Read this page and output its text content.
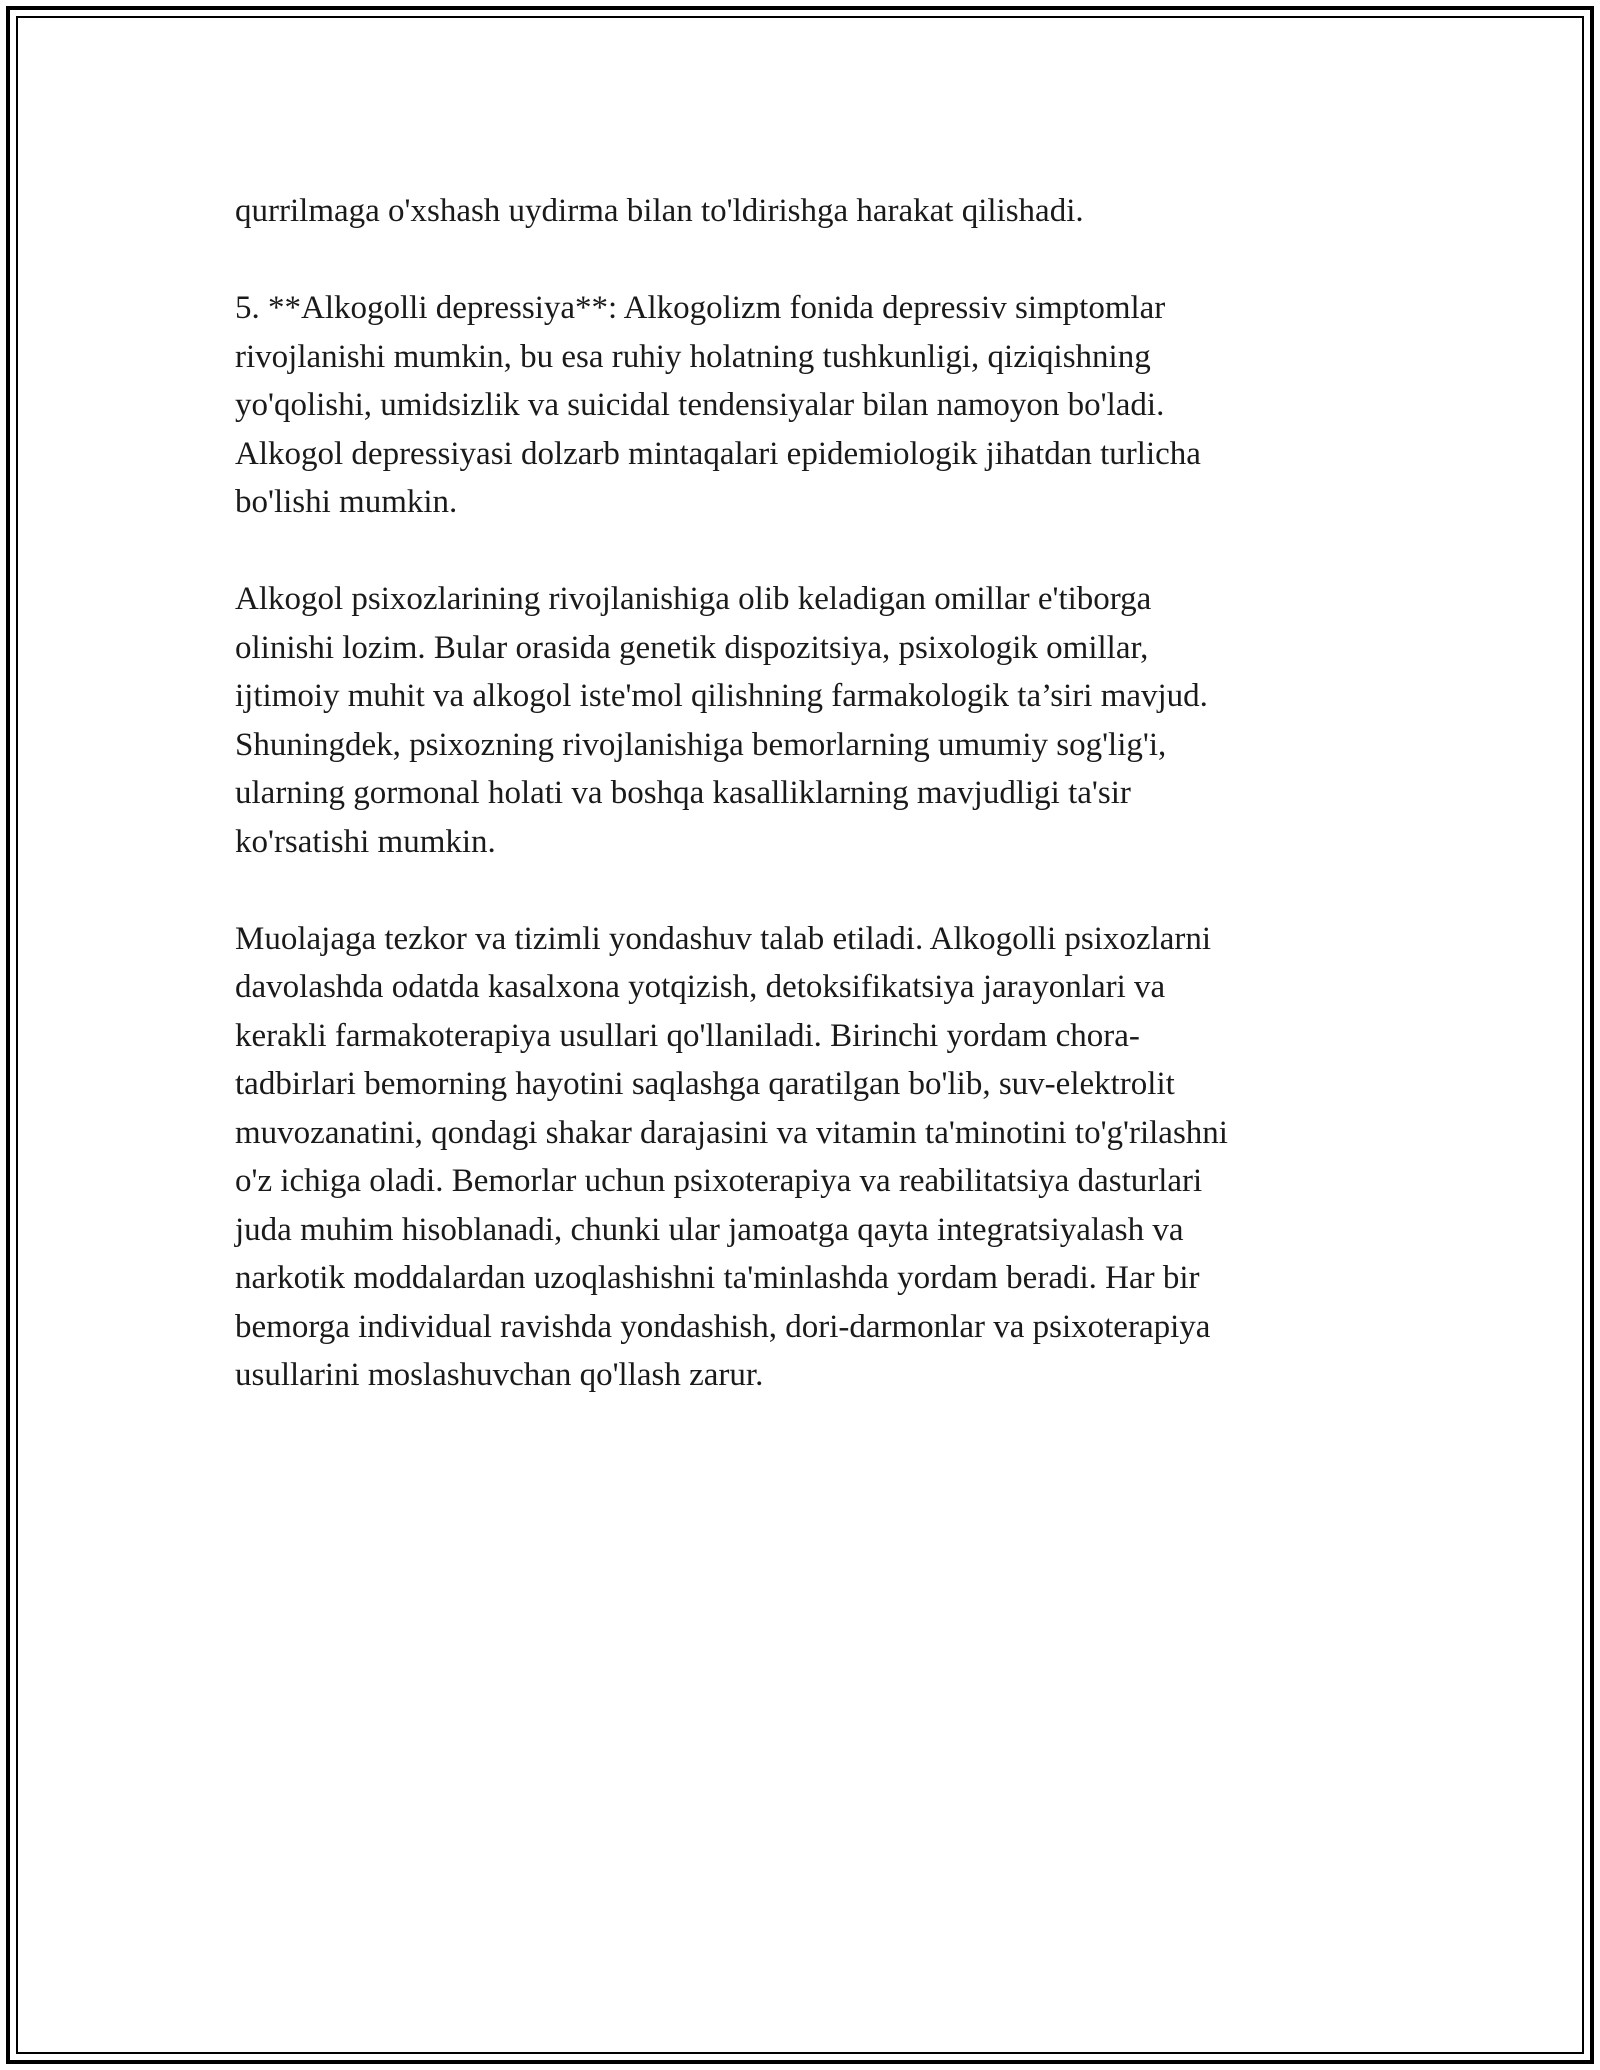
qurrilmaga o'xshash uydirma bilan to'ldirishga harakat qilishadi.

5. **Alkogolli depressiya**: Alkogolizm fonida depressiv simptomlar
rivojlanishi mumkin, bu esa ruhiy holatning tushkunligi, qiziqishning
yo'qolishi, umidsizlik va suicidal tendensiyalar bilan namoyon bo'ladi.
Alkogol depressiyasi dolzarb mintaqalari epidemiologik jihatdan turlicha
bo'lishi mumkin.

Alkogol psixozlarining rivojlanishiga olib keladigan omillar e'tiborga
olinishi lozim. Bular orasida genetik dispozitsiya, psixologik omillar,
ijtimoiy muhit va alkogol iste'mol qilishning farmakologik ta’siri mavjud.
Shuningdek, psixozning rivojlanishiga bemorlarning umumiy sog'lig'i,
ularning gormonal holati va boshqa kasalliklarning mavjudligi ta'sir
ko'rsatishi mumkin.

Muolajaga tezkor va tizimli yondashuv talab etiladi. Alkogolli psixozlarni
davolashda odatda kasalxona yotqizish, detoksifikatsiya jarayonlari va
kerakli farmakoterapiya usullari qo'llaniladi. Birinchi yordam chora-
tadbirlari bemorning hayotini saqlashga qaratilgan bo'lib, suv-elektrolit
muvozanatini, qondagi shakar darajasini va vitamin ta'minotini to'g'rilashni
o'z ichiga oladi. Bemorlar uchun psixoterapiya va reabilitatsiya dasturlari
juda muhim hisoblanadi, chunki ular jamoatga qayta integratsiyalash va
narkotik moddalardan uzoqlashishni ta'minlashda yordam beradi. Har bir
bemorga individual ravishda yondashish, dori-darmonlar va psixoterapiya
usullarini moslashuvchan qo'llash zarur.
